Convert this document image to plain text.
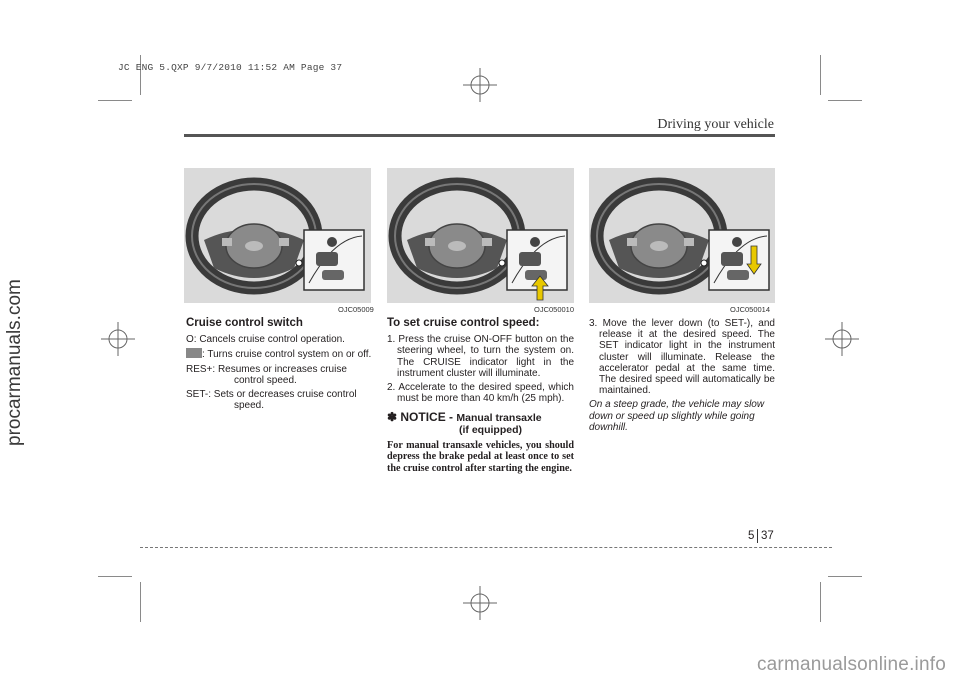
JC ENG 5.QXP 9/7/2010 11:52 AM Page 37
procarmanuals.com
Driving your vehicle
OJC05009	OJC050010	OJC050014
Cruise control switch

O: Cancels cruise control operation.

: Turns cruise control system on or off.

RES+: Resumes or increases cruise control speed.

SET-: Sets or decreases cruise control speed.

To set cruise control speed:

1. Press the cruise ON-OFF button on the steering wheel, to turn the system on. The CRUISE indicator light in the instrument cluster will illuminate.

2. Accelerate to the desired speed, which must be more than 40 km/h (25 mph).

✽ NOTICE - Manual transaxle
(if equipped)
For manual transaxle vehicles, you should depress the brake pedal at least once to set the cruise control after starting the engine.

3. Move the lever down (to SET-), and release it at the desired speed. The SET indicator light in the instrument cluster will illuminate. Release the accelerator pedal at the same time. The desired speed will automatically be maintained.

On a steep grade, the vehicle may slow down or speed up slightly while going downhill.

5 37
carmanualsonline.info
